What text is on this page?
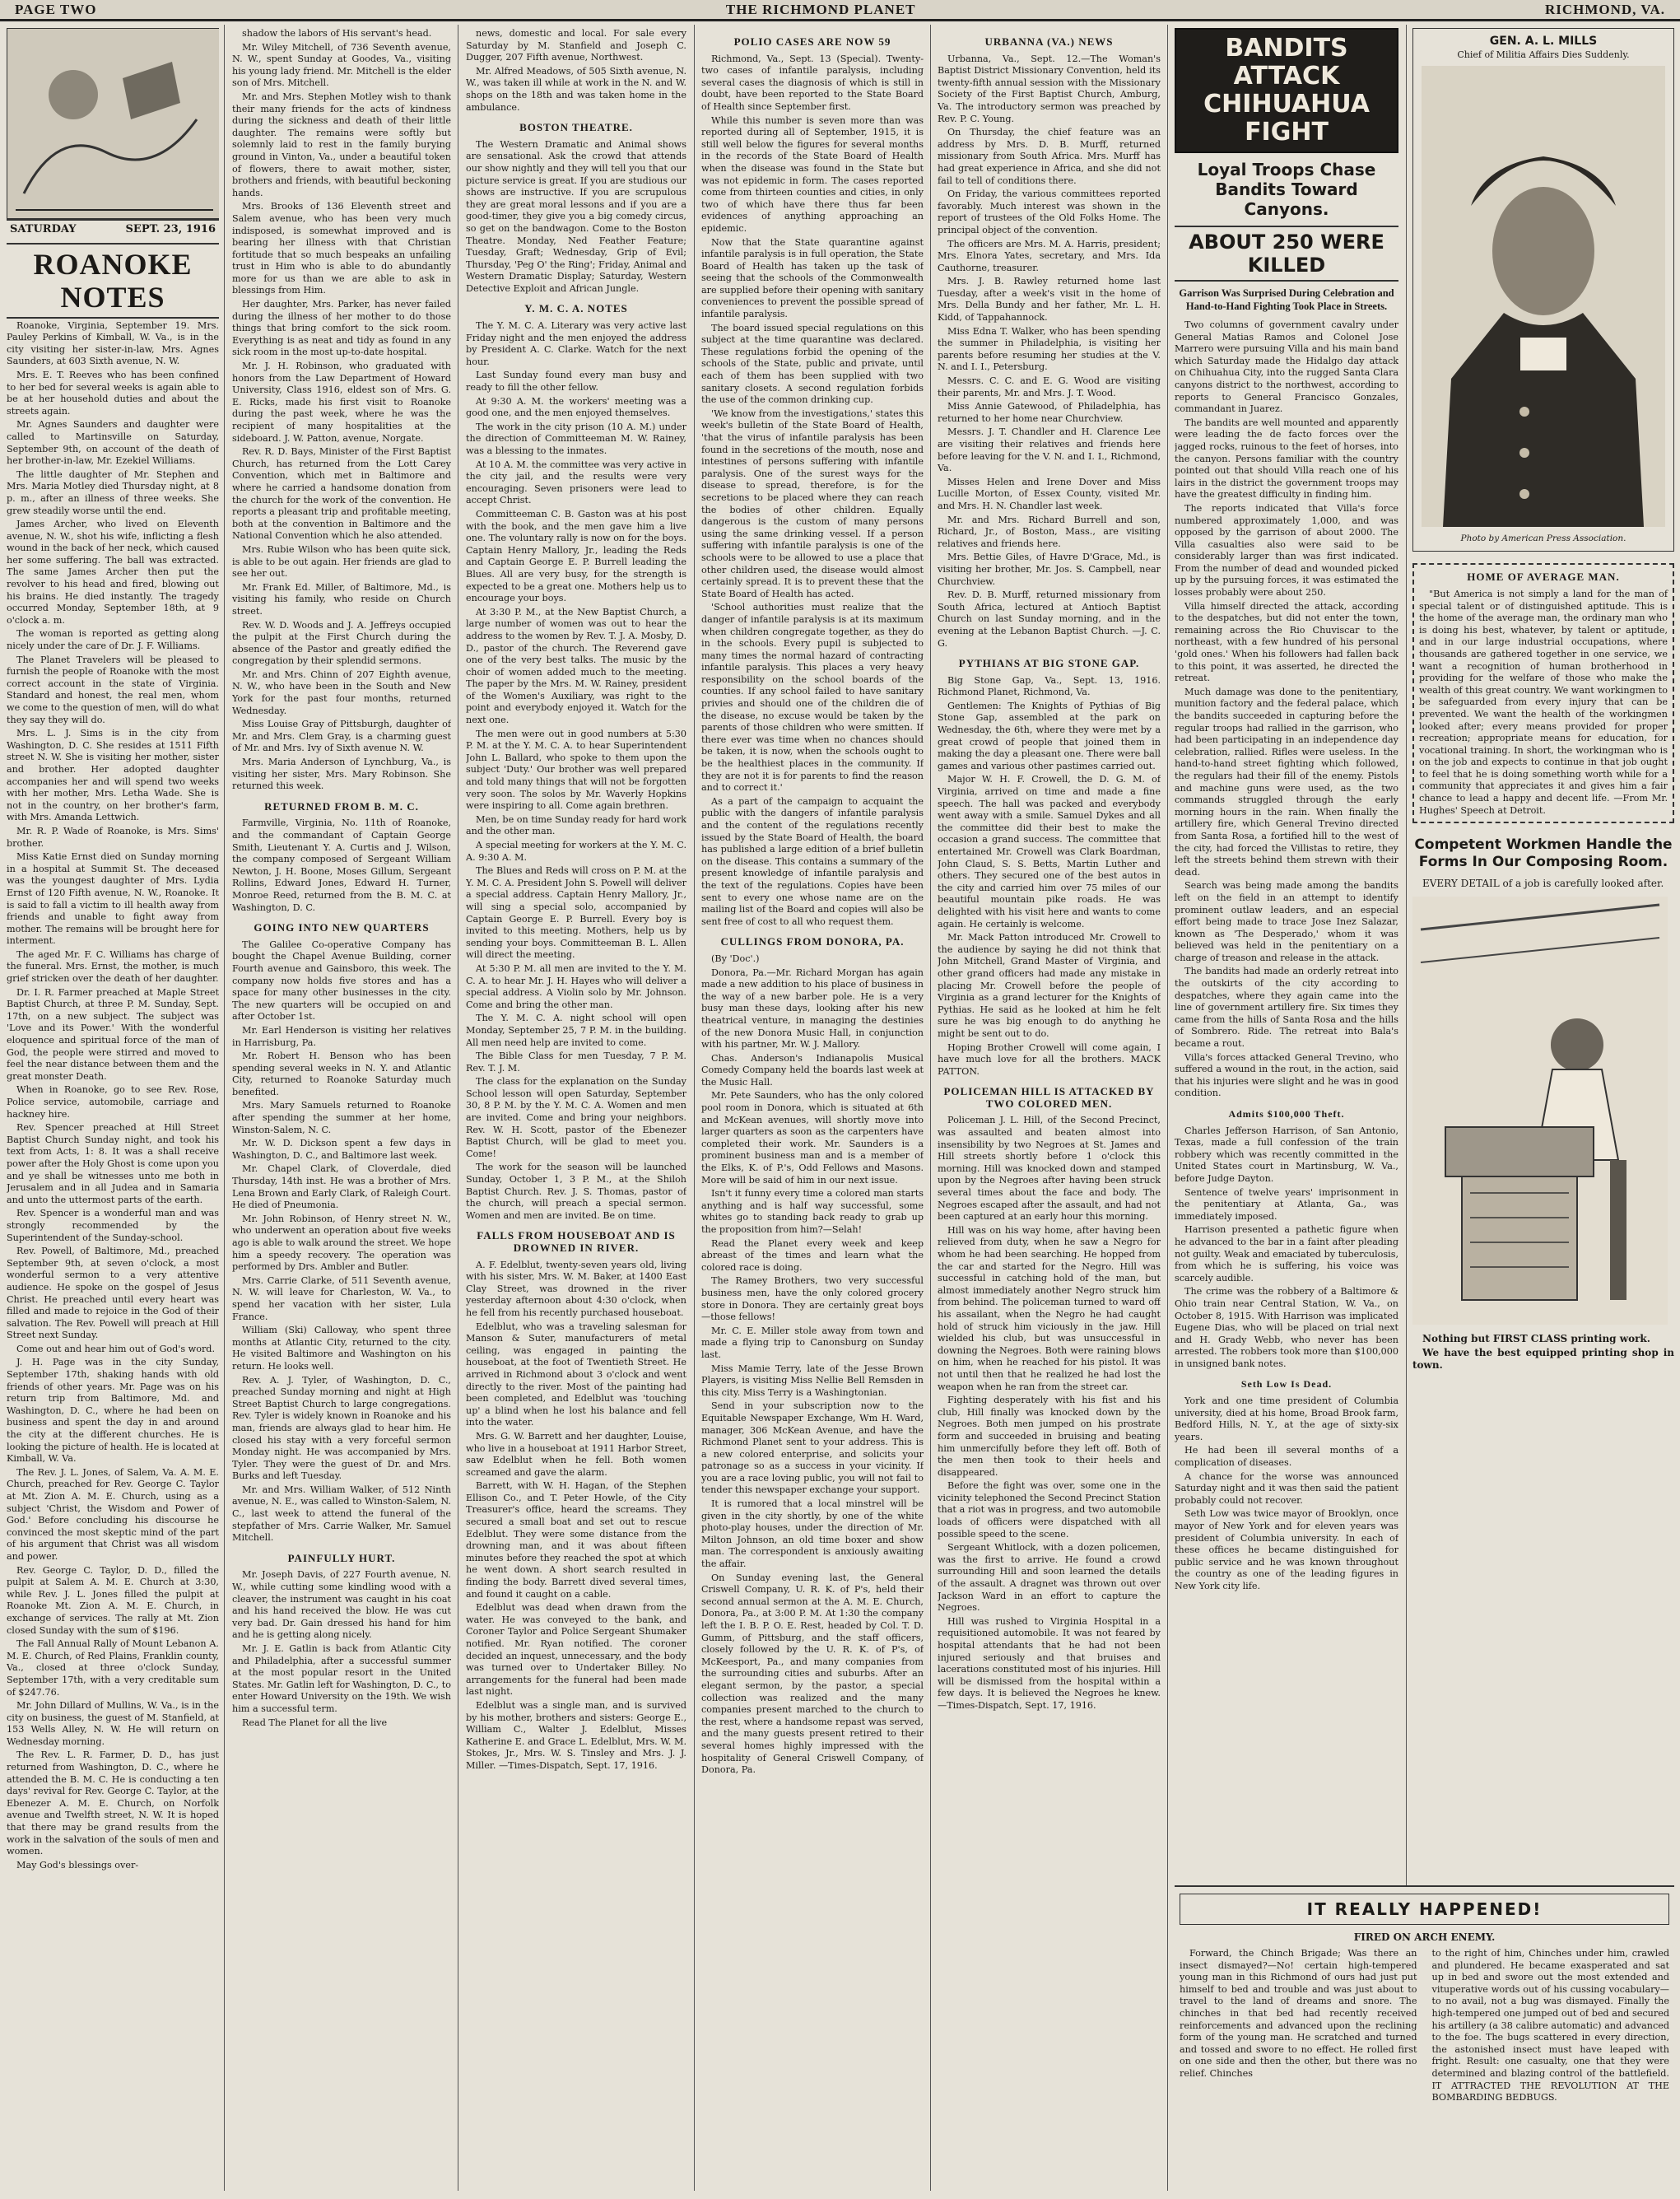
PAGE TWO	THE RICHMOND PLANET	RICHMOND, VA.
SATURDAY	SEPT. 23, 1916
ROANOKE NOTES

Roanoke, Virginia, September 19. Mrs. Pauley Perkins of Kimball, W. Va., is in the city visiting her sister-in-law, Mrs. Agnes Saunders, at 603 Sixth avenue, N. W.

Mrs. E. T. Reeves who has been confined to her bed for several weeks is again able to be at her household duties and about the streets again.

Mr. Agnes Saunders and daughter were called to Martinsville on Saturday, September 9th, on account of the death of her brother-in-law, Mr. Ezekiel Williams.

The little daughter of Mr. Stephen and Mrs. Maria Motley died Thursday night, at 8 p. m., after an illness of three weeks. She grew steadily worse until the end.

James Archer, who lived on Eleventh avenue, N. W., shot his wife, inflicting a flesh wound in the back of her neck, which caused her some suffering. The ball was extracted. The same James Archer then put the revolver to his head and fired, blowing out his brains. He died instantly. The tragedy occurred Monday, September 18th, at 9 o'clock a. m.

The woman is reported as getting along nicely under the care of Dr. J. F. Williams.

The Planet Travelers will be pleased to furnish the people of Roanoke with the most correct account in the state of Virginia. Standard and honest, the real men, whom we come to the question of men, will do what they say they will do.

Mrs. L. J. Sims is in the city from Washington, D. C. She resides at 1511 Fifth street N. W. She is visiting her mother, sister and brother. Her adopted daughter accompanies her and will spend two weeks with her mother, Mrs. Letha Wade. She is not in the country, on her brother's farm, with Mrs. Amanda Lettwich.

Mr. R. P. Wade of Roanoke, is Mrs. Sims' brother.

Miss Katie Ernst died on Sunday morning in a hospital at Summit St. The deceased was the youngest daughter of Mrs. Lydia Ernst of 120 Fifth avenue, N. W., Roanoke. It is said to fall a victim to ill health away from friends and unable to fight away from mother. The remains will be brought here for interment.

The aged Mr. F. C. Williams has charge of the funeral. Mrs. Ernst, the mother, is much grief stricken over the death of her daughter.

Dr. I. R. Farmer preached at Maple Street Baptist Church, at three P. M. Sunday, Sept. 17th, on a new subject. The subject was 'Love and its Power.' With the wonderful eloquence and spiritual force of the man of God, the people were stirred and moved to feel the near distance between them and the great monster Death.

When in Roanoke, go to see Rev. Rose, Police service, automobile, carriage and hackney hire.

Rev. Spencer preached at Hill Street Baptist Church Sunday night, and took his text from Acts, 1: 8. It was a shall receive power after the Holy Ghost is come upon you and ye shall be witnesses unto me both in Jerusalem and in all Judea and in Samaria and unto the uttermost parts of the earth.

Rev. Spencer is a wonderful man and was strongly recommended by the Superintendent of the Sunday-school.

Rev. Powell, of Baltimore, Md., preached September 9th, at seven o'clock, a most wonderful sermon to a very attentive audience. He spoke on the gospel of Jesus Christ. He preached until every heart was filled and made to rejoice in the God of their salvation. The Rev. Powell will preach at Hill Street next Sunday.

Come out and hear him out of God's word.

J. H. Page was in the city Sunday, September 17th, shaking hands with old friends of other years. Mr. Page was on his return trip from Baltimore, Md. and Washington, D. C., where he had been on business and spent the day in and around the city at the different churches. He is looking the picture of health. He is located at Kimball, W. Va.

The Rev. J. L. Jones, of Salem, Va. A. M. E. Church, preached for Rev. George C. Taylor at Mt. Zion A. M. E. Church, using as a subject 'Christ, the Wisdom and Power of God.' Before concluding his discourse he convinced the most skeptic mind of the part of his argument that Christ was all wisdom and power.

Rev. George C. Taylor, D. D., filled the pulpit at Salem A. M. E. Church at 3:30, while Rev. J. L. Jones filled the pulpit at Roanoke Mt. Zion A. M. E. Church, in exchange of services. The rally at Mt. Zion closed Sunday with the sum of $196.

The Fall Annual Rally of Mount Lebanon A. M. E. Church, of Red Plains, Franklin county, Va., closed at three o'clock Sunday, September 17th, with a very creditable sum of $247.76.

Mr. John Dillard of Mullins, W. Va., is in the city on business, the guest of M. Stanfield, at 153 Wells Alley, N. W. He will return on Wednesday morning.

The Rev. L. R. Farmer, D. D., has just returned from Washington, D. C., where he attended the B. M. C. He is conducting a ten days' revival for Rev. George C. Taylor, at the Ebenezer A. M. E. Church, on Norfolk avenue and Twelfth street, N. W. It is hoped that there may be grand results from the work in the salvation of the souls of men and women.

May God's blessings over-

shadow the labors of His servant's head.

Mr. Wiley Mitchell, of 736 Seventh avenue, N. W., spent Sunday at Goodes, Va., visiting his young lady friend. Mr. Mitchell is the elder son of Mrs. Mitchell.

Mr. and Mrs. Stephen Motley wish to thank their many friends for the acts of kindness during the sickness and death of their little daughter. The remains were softly but solemnly laid to rest in the family burying ground in Vinton, Va., under a beautiful token of flowers, there to await mother, sister, brothers and friends, with beautiful beckoning hands.

Mrs. Brooks of 136 Eleventh street and Salem avenue, who has been very much indisposed, is somewhat improved and is bearing her illness with that Christian fortitude that so much bespeaks an unfailing trust in Him who is able to do abundantly more for us than we are able to ask in blessings from Him.

Her daughter, Mrs. Parker, has never failed during the illness of her mother to do those things that bring comfort to the sick room. Everything is as neat and tidy as found in any sick room in the most up-to-date hospital.

Mr. J. H. Robinson, who graduated with honors from the Law Department of Howard University, Class 1916, eldest son of Mrs. G. E. Ricks, made his first visit to Roanoke during the past week, where he was the recipient of many hospitalities at the sideboard. J. W. Patton, avenue, Norgate.

Rev. R. D. Bays, Minister of the First Baptist Church, has returned from the Lott Carey Convention, which met in Baltimore and where he carried a handsome donation from the church for the work of the convention. He reports a pleasant trip and profitable meeting, both at the convention in Baltimore and the National Convention which he also attended.

Mrs. Rubie Wilson who has been quite sick, is able to be out again. Her friends are glad to see her out.

Mr. Frank Ed. Miller, of Baltimore, Md., is visiting his family, who reside on Church street.

Rev. W. D. Woods and J. A. Jeffreys occupied the pulpit at the First Church during the absence of the Pastor and greatly edified the congregation by their splendid sermons.

Mr. and Mrs. Chinn of 207 Eighth avenue, N. W., who have been in the South and New York for the past four months, returned Wednesday.

Miss Louise Gray of Pittsburgh, daughter of Mr. and Mrs. Clem Gray, is a charming guest of Mr. and Mrs. Ivy of Sixth avenue N. W.

Mrs. Maria Anderson of Lynchburg, Va., is visiting her sister, Mrs. Mary Robinson. She returned this week.

RETURNED FROM B. M. C.

Farmville, Virginia, No. 11th of Roanoke, and the commandant of Captain George Smith, Lieutenant Y. A. Curtis and J. Wilson, the company composed of Sergeant William Newton, J. H. Boone, Moses Gillum, Sergeant Rollins, Edward Jones, Edward H. Turner, Monroe Reed, returned from the B. M. C. at Washington, D. C.

GOING INTO NEW QUARTERS

The Galilee Co-operative Company has bought the Chapel Avenue Building, corner Fourth avenue and Gainsboro, this week. The company now holds five stores and has a space for many other businesses in the city. The new quarters will be occupied on and after October 1st.

Mr. Earl Henderson is visiting her relatives in Harrisburg, Pa.

Mr. Robert H. Benson who has been spending several weeks in N. Y. and Atlantic City, returned to Roanoke Saturday much benefited.

Mrs. Mary Samuels returned to Roanoke after spending the summer at her home, Winston-Salem, N. C.

Mr. W. D. Dickson spent a few days in Washington, D. C., and Baltimore last week.

Mr. Chapel Clark, of Cloverdale, died Thursday, 14th inst. He was a brother of Mrs. Lena Brown and Early Clark, of Raleigh Court. He died of Pneumonia.

Mr. John Robinson, of Henry street N. W., who underwent an operation about five weeks ago is able to walk around the street. We hope him a speedy recovery. The operation was performed by Drs. Ambler and Butler.

Mrs. Carrie Clarke, of 511 Seventh avenue, N. W. will leave for Charleston, W. Va., to spend her vacation with her sister, Lula France.

William (Ski) Calloway, who spent three months at Atlantic City, returned to the city. He visited Baltimore and Washington on his return. He looks well.

Rev. A. J. Tyler, of Washington, D. C., preached Sunday morning and night at High Street Baptist Church to large congregations. Rev. Tyler is widely known in Roanoke and his man, friends are always glad to hear him. He closed his stay with a very forceful sermon Monday night. He was accompanied by Mrs. Tyler. They were the guest of Dr. and Mrs. Burks and left Tuesday.

Mr. and Mrs. William Walker, of 512 Ninth avenue, N. E., was called to Winston-Salem, N. C., last week to attend the funeral of the stepfather of Mrs. Carrie Walker, Mr. Samuel Mitchell.

PAINFULLY HURT.

Mr. Joseph Davis, of 227 Fourth avenue, N. W., while cutting some kindling wood with a cleaver, the instrument was caught in his coat and his hand received the blow. He was cut very bad. Dr. Gain dressed his hand for him and he is getting along nicely.

Mr. J. E. Gatlin is back from Atlantic City and Philadelphia, after a successful summer at the most popular resort in the United States. Mr. Gatlin left for Washington, D. C., to enter Howard University on the 19th. We wish him a successful term.

Read The Planet for all the live

news, domestic and local. For sale every Saturday by M. Stanfield and Joseph C. Dugger, 207 Fifth avenue, Northwest.

Mr. Alfred Meadows, of 505 Sixth avenue, N. W., was taken ill while at work in the N. and W. shops on the 18th and was taken home in the ambulance.

BOSTON THEATRE.

The Western Dramatic and Animal shows are sensational. Ask the crowd that attends our show nightly and they will tell you that our picture service is great. If you are studious our shows are instructive. If you are scrupulous they are great moral lessons and if you are a good-timer, they give you a big comedy circus, so get on the bandwagon. Come to the Boston Theatre. Monday, Ned Feather Feature; Tuesday, Graft; Wednesday, Grip of Evil; Thursday, 'Peg O' the Ring'; Friday, Animal and Western Dramatic Display; Saturday, Western Detective Exploit and African Jungle.

Y. M. C. A. NOTES

The Y. M. C. A. Literary was very active last Friday night and the men enjoyed the address by President A. C. Clarke. Watch for the next hour.

Last Sunday found every man busy and ready to fill the other fellow.

At 9:30 A. M. the workers' meeting was a good one, and the men enjoyed themselves.

The work in the city prison (10 A. M.) under the direction of Committeeman M. W. Rainey, was a blessing to the inmates.

At 10 A. M. the committee was very active in the city jail, and the results were very encouraging. Seven prisoners were lead to accept Christ.

Committeeman C. B. Gaston was at his post with the book, and the men gave him a live one. The voluntary rally is now on for the boys. Captain Henry Mallory, Jr., leading the Reds and Captain George E. P. Burrell leading the Blues. All are very busy, for the strength is expected to be a great one. Mothers help us to encourage your boys.

At 3:30 P. M., at the New Baptist Church, a large number of women was out to hear the address to the women by Rev. T. J. A. Mosby, D. D., pastor of the church. The Reverend gave one of the very best talks. The music by the choir of women added much to the meeting. The paper by the Mrs. M. W. Rainey, president of the Women's Auxiliary, was right to the point and everybody enjoyed it. Watch for the next one.

The men were out in good numbers at 5:30 P. M. at the Y. M. C. A. to hear Superintendent John L. Ballard, who spoke to them upon the subject 'Duty.' Our brother was well prepared and told many things that will not be forgotten very soon. The solos by Mr. Waverly Hopkins were inspiring to all. Come again brethren.

Men, be on time Sunday ready for hard work and the other man.

A special meeting for workers at the Y. M. C. A. 9:30 A. M.

The Blues and Reds will cross on P. M. at the Y. M. C. A. President John S. Powell will deliver a special address. Captain Henry Mallory, Jr., will sing a special solo, accompanied by Captain George E. P. Burrell. Every boy is invited to this meeting. Mothers, help us by sending your boys. Committeeman B. L. Allen will direct the meeting.

At 5:30 P. M. all men are invited to the Y. M. C. A. to hear Mr. J. H. Hayes who will deliver a special address. A Violin solo by Mr. Johnson. Come and bring the other man.

The Y. M. C. A. night school will open Monday, September 25, 7 P. M. in the building. All men need help are invited to come.

The Bible Class for men Tuesday, 7 P. M. Rev. T. J. M.

The class for the explanation on the Sunday School lesson will open Saturday, September 30, 8 P. M. by the Y. M. C. A. Women and men are invited. Come and bring your neighbors. Rev. W. H. Scott, pastor of the Ebenezer Baptist Church, will be glad to meet you. Come!

The work for the season will be launched Sunday, October 1, 3 P. M., at the Shiloh Baptist Church. Rev. J. S. Thomas, pastor of the church, will preach a special sermon. Women and men are invited. Be on time.

FALLS FROM HOUSEBOAT AND IS DROWNED IN RIVER.

A. F. Edelblut, twenty-seven years old, living with his sister, Mrs. W. M. Baker, at 1400 East Clay Street, was drowned in the river yesterday afternoon about 4:30 o'clock, when he fell from his recently purchased houseboat.

Edelblut, who was a traveling salesman for Manson & Suter, manufacturers of metal ceiling, was engaged in painting the houseboat, at the foot of Twentieth Street. He arrived in Richmond about 3 o'clock and went directly to the river. Most of the painting had been completed, and Edelblut was 'touching up' a blind when he lost his balance and fell into the water.

Mrs. G. W. Barrett and her daughter, Louise, who live in a houseboat at 1911 Harbor Street, saw Edelblut when he fell. Both women screamed and gave the alarm.

Barrett, with W. H. Hagan, of the Stephen Ellison Co., and T. Peter Howle, of the City Treasurer's office, heard the screams. They secured a small boat and set out to rescue Edelblut. They were some distance from the drowning man, and it was about fifteen minutes before they reached the spot at which he went down. A short search resulted in finding the body. Barrett dived several times, and found it caught on a cable.

Edelblut was dead when drawn from the water. He was conveyed to the bank, and Coroner Taylor and Police Sergeant Shumaker notified. Mr. Ryan notified. The coroner decided an inquest, unnecessary, and the body was turned over to Undertaker Billey. No arrangements for the funeral had been made last night.

Edelblut was a single man, and is survived by his mother, brothers and sisters: George E., William C., Walter J. Edelblut, Misses Katherine E. and Grace L. Edelblut, Mrs. W. M. Stokes, Jr., Mrs. W. S. Tinsley and Mrs. J. J. Miller. —Times-Dispatch, Sept. 17, 1916.

POLIO CASES ARE NOW 59

Richmond, Va., Sept. 13 (Special). Twenty-two cases of infantile paralysis, including several cases the diagnosis of which is still in doubt, have been reported to the State Board of Health since September first.

While this number is seven more than was reported during all of September, 1915, it is still well below the figures for several months in the records of the State Board of Health when the disease was found in the State but was not epidemic in form. The cases reported come from thirteen counties and cities, in only two of which have there thus far been evidences of anything approaching an epidemic.

Now that the State quarantine against infantile paralysis is in full operation, the State Board of Health has taken up the task of seeing that the schools of the Commonwealth are supplied before their opening with sanitary conveniences to prevent the possible spread of infantile paralysis.

The board issued special regulations on this subject at the time quarantine was declared. These regulations forbid the opening of the schools of the State, public and private, until each of them has been supplied with two sanitary closets. A second regulation forbids the use of the common drinking cup.

'We know from the investigations,' states this week's bulletin of the State Board of Health, 'that the virus of infantile paralysis has been found in the secretions of the mouth, nose and intestines of persons suffering with infantile paralysis. One of the surest ways for the disease to spread, therefore, is for the secretions to be placed where they can reach the bodies of other children. Equally dangerous is the custom of many persons using the same drinking vessel. If a person suffering with infantile paralysis is one of the schools were to be allowed to use a place that other children used, the disease would almost certainly spread. It is to prevent these that the State Board of Health has acted.

'School authorities must realize that the danger of infantile paralysis is at its maximum when children congregate together, as they do in the schools. Every pupil is subjected to many times the normal hazard of contracting infantile paralysis. This places a very heavy responsibility on the school boards of the counties. If any school failed to have sanitary privies and should one of the children die of the disease, no excuse would be taken by the parents of those children who were smitten. If there ever was time when no chances should be taken, it is now, when the schools ought to be the healthiest places in the community. If they are not it is for parents to find the reason and to correct it.'

As a part of the campaign to acquaint the public with the dangers of infantile paralysis and the content of the regulations recently issued by the State Board of Health, the board has published a large edition of a brief bulletin on the disease. This contains a summary of the present knowledge of infantile paralysis and the text of the regulations. Copies have been sent to every one whose name are on the mailing list of the Board and copies will also be sent free of cost to all who request them.

CULLINGS FROM DONORA, PA.

(By 'Doc'.)

Donora, Pa.—Mr. Richard Morgan has again made a new addition to his place of business in the way of a new barber pole. He is a very busy man these days, looking after his new theatrical venture, in managing the destinies of the new Donora Music Hall, in conjunction with his partner, Mr. W. J. Mallory.

Chas. Anderson's Indianapolis Musical Comedy Company held the boards last week at the Music Hall.

Mr. Pete Saunders, who has the only colored pool room in Donora, which is situated at 6th and McKean avenues, will shortly move into larger quarters as soon as the carpenters have completed their work. Mr. Saunders is a prominent business man and is a member of the Elks, K. of P.'s, Odd Fellows and Masons. More will be said of him in our next issue.

Isn't it funny every time a colored man starts anything and is half way successful, some whites go to standing back ready to grab up the proposition from him?—Selah!

Read the Planet every week and keep abreast of the times and learn what the colored race is doing.

The Ramey Brothers, two very successful business men, have the only colored grocery store in Donora. They are certainly great boys—those fellows!

Mr. C. E. Miller stole away from town and made a flying trip to Canonsburg on Sunday last.

Miss Mamie Terry, late of the Jesse Brown Players, is visiting Miss Nellie Bell Remsden in this city. Miss Terry is a Washingtonian.

Send in your subscription now to the Equitable Newspaper Exchange, Wm H. Ward, manager, 306 McKean Avenue, and have the Richmond Planet sent to your address. This is a new colored enterprise, and solicits your patronage so as a success in your vicinity. If you are a race loving public, you will not fail to tender this newspaper exchange your support.

It is rumored that a local minstrel will be given in the city shortly, by one of the white photo-play houses, under the direction of Mr. Milton Johnson, an old time boxer and show man. The correspondent is anxiously awaiting the affair.

On Sunday evening last, the General Criswell Company, U. R. K. of P's, held their second annual sermon at the A. M. E. Church, Donora, Pa., at 3:00 P. M. At 1:30 the company left the I. B. P. O. E. Rest, headed by Col. T. D. Gumm, of Pittsburg, and the staff officers, closely followed by the U. R. K. of P's, of McKeesport, Pa., and many companies from the surrounding cities and suburbs. After an elegant sermon, by the pastor, a special collection was realized and the many companies present marched to the church to the rest, where a handsome repast was served, and the many guests present retired to their several homes highly impressed with the hospitality of General Criswell Company, of Donora, Pa.

URBANNA (VA.) NEWS

Urbanna, Va., Sept. 12.—The Woman's Baptist District Missionary Convention, held its twenty-fifth annual session with the Missionary Society of the First Baptist Church, Amburg, Va. The introductory sermon was preached by Rev. P. C. Young.

On Thursday, the chief feature was an address by Mrs. D. B. Murff, returned missionary from South Africa. Mrs. Murff has had great experience in Africa, and she did not fail to tell of conditions there.

On Friday, the various committees reported favorably. Much interest was shown in the report of trustees of the Old Folks Home. The principal object of the convention.

The officers are Mrs. M. A. Harris, president; Mrs. Elnora Yates, secretary, and Mrs. Ida Cauthorne, treasurer.

Mrs. J. B. Rawley returned home last Tuesday, after a week's visit in the home of Mrs. Della Bundy and her father, Mr. L. H. Kidd, of Tappahannock.

Miss Edna T. Walker, who has been spending the summer in Philadelphia, is visiting her parents before resuming her studies at the V. N. and I. I., Petersburg.

Messrs. C. C. and E. G. Wood are visiting their parents, Mr. and Mrs. J. T. Wood.

Miss Annie Gatewood, of Philadelphia, has returned to her home near Churchview.

Messrs. J. T. Chandler and H. Clarence Lee are visiting their relatives and friends here before leaving for the V. N. and I. I., Richmond, Va.

Misses Helen and Irene Dover and Miss Lucille Morton, of Essex County, visited Mr. and Mrs. H. N. Chandler last week.

Mr. and Mrs. Richard Burrell and son, Richard, Jr., of Boston, Mass., are visiting relatives and friends here.

Mrs. Bettie Giles, of Havre D'Grace, Md., is visiting her brother, Mr. Jos. S. Campbell, near Churchview.

Rev. D. B. Murff, returned missionary from South Africa, lectured at Antioch Baptist Church on last Sunday morning, and in the evening at the Lebanon Baptist Church. —J. C. G.

PYTHIANS AT BIG STONE GAP.

Big Stone Gap, Va., Sept. 13, 1916. Richmond Planet, Richmond, Va.

Gentlemen: The Knights of Pythias of Big Stone Gap, assembled at the park on Wednesday, the 6th, where they were met by a great crowd of people that joined them in making the day a pleasant one. There were ball games and various other pastimes carried out.

Major W. H. F. Crowell, the D. G. M. of Virginia, arrived on time and made a fine speech. The hall was packed and everybody went away with a smile. Samuel Dykes and all the committee did their best to make the occasion a grand success. The committee that entertained Mr. Crowell was Clark Boardman, John Claud, S. S. Betts, Martin Luther and others. They secured one of the best autos in the city and carried him over 75 miles of our beautiful mountain pike roads. He was delighted with his visit here and wants to come again. He certainly is welcome.

Mr. Mack Patton introduced Mr. Crowell to the audience by saying he did not think that John Mitchell, Grand Master of Virginia, and other grand officers had made any mistake in placing Mr. Crowell before the people of Virginia as a grand lecturer for the Knights of Pythias. He said as he looked at him he felt sure he was big enough to do anything he might be sent out to do.

Hoping Brother Crowell will come again, I have much love for all the brothers. MACK PATTON.

POLICEMAN HILL IS ATTACKED BY TWO COLORED MEN.

Policeman J. L. Hill, of the Second Precinct, was assaulted and beaten almost into insensibility by two Negroes at St. James and Hill streets shortly before 1 o'clock this morning. Hill was knocked down and stamped upon by the Negroes after having been struck several times about the face and body. The Negroes escaped after the assault, and had not been captured at an early hour this morning.

Hill was on his way home, after having been relieved from duty, when he saw a Negro for whom he had been searching. He hopped from the car and started for the Negro. Hill was successful in catching hold of the man, but almost immediately another Negro struck him from behind. The policeman turned to ward off his assailant, when the Negro he had caught hold of struck him viciously in the jaw. Hill wielded his club, but was unsuccessful in downing the Negroes. Both were raining blows on him, when he reached for his pistol. It was not until then that he realized he had lost the weapon when he ran from the street car.

Fighting desperately with his fist and his club, Hill finally was knocked down by the Negroes. Both men jumped on his prostrate form and succeeded in bruising and beating him unmercifully before they left off. Both of the men then took to their heels and disappeared.

Before the fight was over, some one in the vicinity telephoned the Second Precinct Station that a riot was in progress, and two automobile loads of officers were dispatched with all possible speed to the scene.

Sergeant Whitlock, with a dozen policemen, was the first to arrive. He found a crowd surrounding Hill and soon learned the details of the assault. A dragnet was thrown out over Jackson Ward in an effort to capture the Negroes.

Hill was rushed to Virginia Hospital in a requisitioned automobile. It was not feared by hospital attendants that he had not been injured seriously and that bruises and lacerations constituted most of his injuries. Hill will be dismissed from the hospital within a few days. It is believed the Negroes he knew. —Times-Dispatch, Sept. 17, 1916.

BANDITS ATTACK
CHIHUAHUA FIGHT
Loyal Troops Chase Bandits Toward Canyons.
ABOUT 250 WERE KILLED
Garrison Was Surprised During Celebration and Hand-to-Hand Fighting Took Place in Streets.

Two columns of government cavalry under General Matias Ramos and Colonel Jose Marrero were pursuing Villa and his main band which Saturday made the Hidalgo day attack on Chihuahua City, into the rugged Santa Clara canyons district to the northwest, according to reports to General Francisco Gonzales, commandant in Juarez.

The bandits are well mounted and apparently were leading the de facto forces over the jagged rocks, ruinous to the feet of horses, into the canyon. Persons familiar with the country pointed out that should Villa reach one of his lairs in the district the government troops may have the greatest difficulty in finding him.

The reports indicated that Villa's force numbered approximately 1,000, and was opposed by the garrison of about 2000. The Villa casualties also were said to be considerably larger than was first indicated. From the number of dead and wounded picked up by the pursuing forces, it was estimated the losses probably were about 250.

Villa himself directed the attack, according to the despatches, but did not enter the town, remaining across the Rio Chuviscar to the northeast, with a few hundred of his personal 'gold ones.' When his followers had fallen back to this point, it was asserted, he directed the retreat.

Much damage was done to the penitentiary, munition factory and the federal palace, which the bandits succeeded in capturing before the regular troops had rallied in the garrison, who had been participating in an independence day celebration, rallied. Rifles were useless. In the hand-to-hand street fighting which followed, the regulars had their fill of the enemy. Pistols and machine guns were used, as the two commands struggled through the early morning hours in the rain. When finally the artillery fire, which General Trevino directed from Santa Rosa, a fortified hill to the west of the city, had forced the Villistas to retire, they left the streets behind them strewn with their dead.

Search was being made among the bandits left on the field in an attempt to identify prominent outlaw leaders, and an especial effort being made to trace Jose Inez Salazar, known as 'The Desperado,' whom it was believed was held in the penitentiary on a charge of treason and release in the attack.

The bandits had made an orderly retreat into the outskirts of the city according to despatches, where they again came into the line of government artillery fire. Six times they came from the hills of Santa Rosa and the hills of Sombrero. Ride. The retreat into Bala's became a rout.

Villa's forces attacked General Trevino, who suffered a wound in the rout, in the action, said that his injuries were slight and he was in good condition.

Admits $100,000 Theft.

Charles Jefferson Harrison, of San Antonio, Texas, made a full confession of the train robbery which was recently committed in the United States court in Martinsburg, W. Va., before Judge Dayton.

Sentence of twelve years' imprisonment in the penitentiary at Atlanta, Ga., was immediately imposed.

Harrison presented a pathetic figure when he advanced to the bar in a faint after pleading not guilty. Weak and emaciated by tuberculosis, from which he is suffering, his voice was scarcely audible.

The crime was the robbery of a Baltimore & Ohio train near Central Station, W. Va., on October 8, 1915. With Harrison was implicated Eugene Dias, who will be placed on trial next and H. Grady Webb, who never has been arrested. The robbers took more than $100,000 in unsigned bank notes.

Seth Low Is Dead.

York and one time president of Columbia university, died at his home, Broad Brook farm, Bedford Hills, N. Y., at the age of sixty-six years.

He had been ill several months of a complication of diseases.

A chance for the worse was announced Saturday night and it was then said the patient probably could not recover.

Seth Low was twice mayor of Brooklyn, once mayor of New York and for eleven years was president of Columbia university. In each of these offices he became distinguished for public service and he was known throughout the country as one of the leading figures in New York city life.

GEN. A. L. MILLS
Chief of Militia Affairs Dies Suddenly.
Photo by American Press Association.
HOME OF AVERAGE MAN.

"But America is not simply a land for the man of special talent or of distinguished aptitude. This is the home of the average man, the ordinary man who is doing his best, whatever, by talent or aptitude, and in our large industrial occupations, where thousands are gathered together in one service, we want a recognition of human brotherhood in providing for the welfare of those who make the wealth of this great country. We want workingmen to be safeguarded from every injury that can be prevented. We want the health of the workingmen looked after; every means provided for proper recreation; appropriate means for education, for vocational training. In short, the workingman who is on the job and expects to continue in that job ought to feel that he is doing something worth while for a community that appreciates it and gives him a fair chance to lead a happy and decent life. —From Mr. Hughes' Speech at Detroit.

Competent Workmen Handle the Forms In Our Composing Room.

EVERY DETAIL of a job is carefully looked after.

Nothing but FIRST CLASS printing work.

We have the best equipped printing shop in town.

IT REALLY HAPPENED!
FIRED ON ARCH ENEMY.

Forward, the Chinch Brigade; Was there an insect dismayed?—No! certain high-tempered young man in this Richmond of ours had just put himself to bed and trouble and was just about to travel to the land of dreams and snore. The chinches in that bed had recently received reinforcements and advanced upon the reclining form of the young man. He scratched and turned and tossed and swore to no effect. He rolled first on one side and then the other, but there was no relief. Chinches

to the right of him, Chinches under him, crawled and plundered. He became exasperated and sat up in bed and swore out the most extended and vituperative words out of his cussing vocabulary—to no avail, not a bug was dismayed. Finally the high-tempered one jumped out of bed and secured his artillery (a 38 calibre automatic) and advanced to the foe. The bugs scattered in every direction, the astonished insect must have leaped with fright. Result: one casualty, one that they were determined and blazing control of the battlefield. IT ATTRACTED THE REVOLUTION AT THE BOMBARDING BEDBUGS.
